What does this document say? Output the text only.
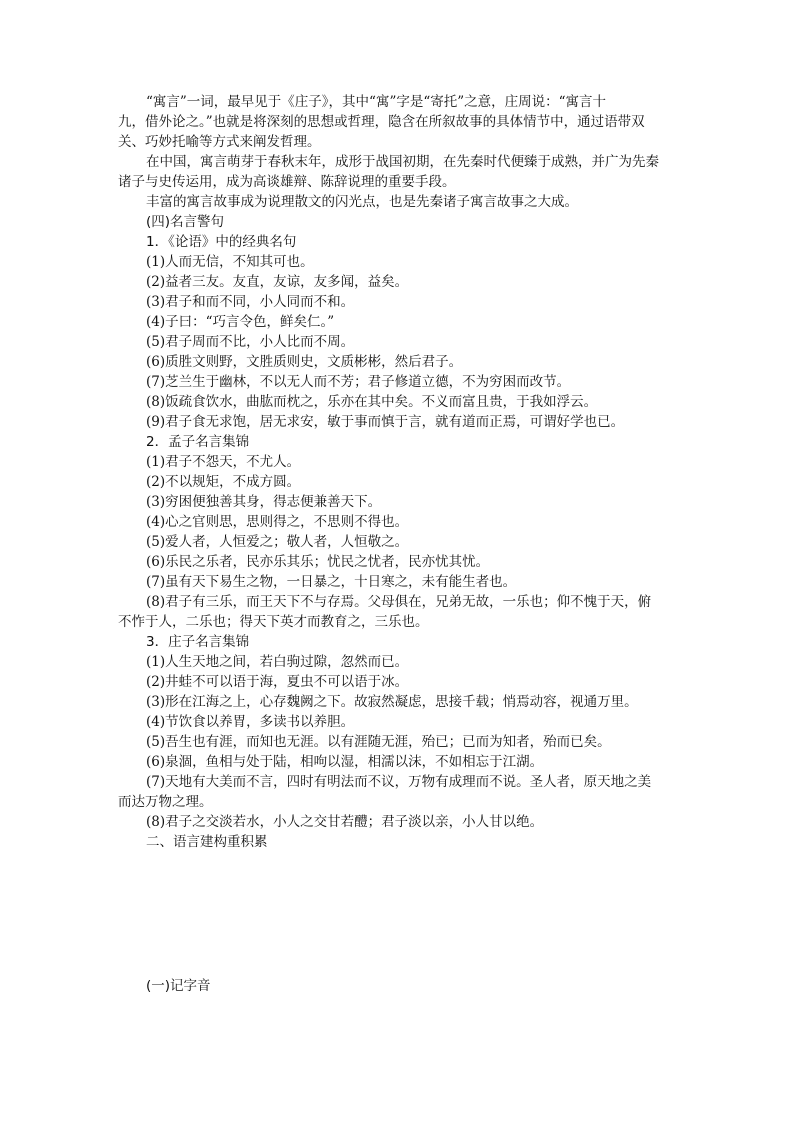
“寓言”一词，最早见于《庄子》，其中“寓”字是“寄托”之意，庄周说：“寓言十
九，借外论之。”也就是将深刻的思想或哲理，隐含在所叙故事的具体情节中，通过语带双
关、巧妙托喻等方式来阐发哲理。
在中国，寓言萌芽于春秋末年，成形于战国初期，在先秦时代便臻于成熟，并广为先秦
诸子与史传运用，成为高谈雄辩、陈辞说理的重要手段。
丰富的寓言故事成为说理散文的闪光点，也是先秦诸子寓言故事之大成。
(四)名言警句
1．《论语》中的经典名句
(1)人而无信，不知其可也。
(2)益者三友。友直，友谅，友多闻，益矣。
(3)君子和而不同，小人同而不和。
(4)子曰：“巧言令色，鲜矣仁。”
(5)君子周而不比，小人比而不周。
(6)质胜文则野，文胜质则史，文质彬彬，然后君子。
(7)芝兰生于幽林，不以无人而不芳；君子修道立德，不为穷困而改节。
(8)饭疏食饮水，曲肱而枕之，乐亦在其中矣。不义而富且贵，于我如浮云。
(9)君子食无求饱，居无求安，敏于事而慎于言，就有道而正焉，可谓好学也已。
2．孟子名言集锦
(1)君子不怨天，不尤人。
(2)不以规矩，不成方圆。
(3)穷困便独善其身，得志便兼善天下。
(4)心之官则思，思则得之，不思则不得也。
(5)爱人者，人恒爱之；敬人者，人恒敬之。
(6)乐民之乐者，民亦乐其乐；忧民之忧者，民亦忧其忧。
(7)虽有天下易生之物，一日暴之，十日寒之，未有能生者也。
(8)君子有三乐，而王天下不与存焉。父母俱在，兄弟无故，一乐也；仰不愧于天，俯
不怍于人，二乐也；得天下英才而教育之，三乐也。
3．庄子名言集锦
(1)人生天地之间，若白驹过隙，忽然而已。
(2)井蛙不可以语于海，夏虫不可以语于冰。
(3)形在江海之上，心存魏阙之下。故寂然凝虑，思接千载；悄焉动容，视通万里。
(4)节饮食以养胃，多读书以养胆。
(5)吾生也有涯，而知也无涯。以有涯随无涯，殆已；已而为知者，殆而已矣。
(6)泉涸，鱼相与处于陆，相呴以湿，相濡以沫，不如相忘于江湖。
(7)天地有大美而不言，四时有明法而不议，万物有成理而不说。圣人者，原天地之美
而达万物之理。
(8)君子之交淡若水，小人之交甘若醴；君子淡以亲，小人甘以绝。
二、语言建构重积累
(一)记字音
